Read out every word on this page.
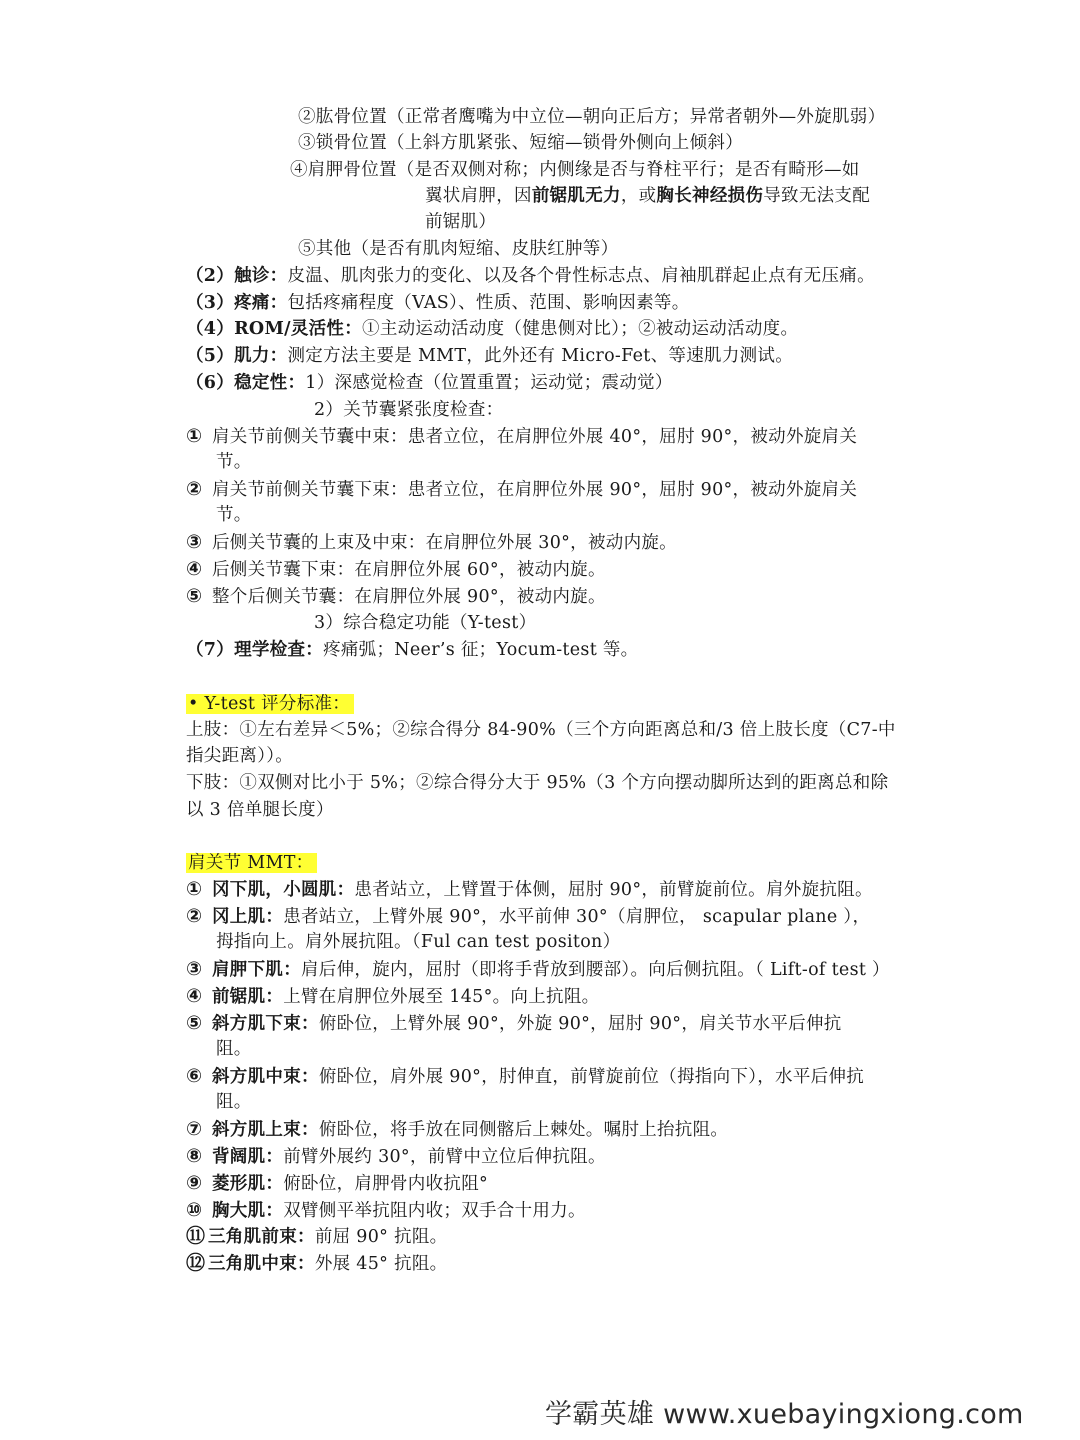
②肱骨位置（正常者鹰嘴为中立位—朝向正后方；异常者朝外—外旋肌弱）
③锁骨位置（上斜方肌紧张、短缩—锁骨外侧向上倾斜）
④肩胛骨位置（是否双侧对称；内侧缘是否与脊柱平行；是否有畸形—如
翼状肩胛，因前锯肌无力，或胸长神经损伤导致无法支配
前锯肌）
⑤其他（是否有肌肉短缩、皮肤红肿等）
（2）触诊：皮温、肌肉张力的变化、以及各个骨性标志点、肩袖肌群起止点有无压痛。
（3）疼痛：包括疼痛程度（VAS）、性质、范围、影响因素等。
（4）ROM/灵活性：①主动运动活动度（健患侧对比）；②被动运动活动度。
（5）肌力：测定方法主要是 MMT，此外还有 Micro-Fet、等速肌力测试。
（6）稳定性：1）深感觉检查（位置重置；运动觉；震动觉）
2）关节囊紧张度检查：
① 肩关节前侧关节囊中束：患者立位，在肩胛位外展 40°，屈肘 90°，被动外旋肩关
节。
② 肩关节前侧关节囊下束：患者立位，在肩胛位外展 90°，屈肘 90°，被动外旋肩关
节。
③ 后侧关节囊的上束及中束：在肩胛位外展 30°，被动内旋。
④ 后侧关节囊下束：在肩胛位外展 60°，被动内旋。
⑤ 整个后侧关节囊：在肩胛位外展 90°，被动内旋。
3）综合稳定功能（Y-test）
（7）理学检查：疼痛弧；Neer’s 征；Yocum-test 等。
• Y-test 评分标准：
上肢：①左右差异＜5%；②综合得分 84-90%（三个方向距离总和/3 倍上肢长度（C7-中
指尖距离））。
下肢：①双侧对比小于 5%；②综合得分大于 95%（3 个方向摆动脚所达到的距离总和除
以 3 倍单腿长度）
肩关节 MMT：
① 冈下肌，小圆肌：患者站立，上臂置于体侧，屈肘 90°，前臂旋前位。肩外旋抗阻。
② 冈上肌：患者站立，上臂外展 90°，水平前伸 30°（肩胛位， scapular plane ），
拇指向上。肩外展抗阻。（Ful can test positon）
③ 肩胛下肌：肩后伸，旋内，屈肘（即将手背放到腰部）。向后侧抗阻。（ Lift-of test ）
④ 前锯肌：上臂在肩胛位外展至 145°。向上抗阻。
⑤ 斜方肌下束：俯卧位，上臂外展 90°，外旋 90°，屈肘 90°，肩关节水平后伸抗
阻。
⑥ 斜方肌中束：俯卧位，肩外展 90°，肘伸直，前臂旋前位（拇指向下），水平后伸抗
阻。
⑦ 斜方肌上束：俯卧位，将手放在同侧髂后上棘处。嘱肘上抬抗阻。
⑧ 背阔肌：前臂外展约 30°，前臂中立位后伸抗阻。
⑨ 菱形肌：俯卧位，肩胛骨内收抗阻°
⑩ 胸大肌：双臂侧平举抗阻内收；双手合十用力。
⑪ 三角肌前束：前屈 90° 抗阻。
⑫ 三角肌中束：外展 45° 抗阻。
学霸英雄 www.xuebayingxiong.com
